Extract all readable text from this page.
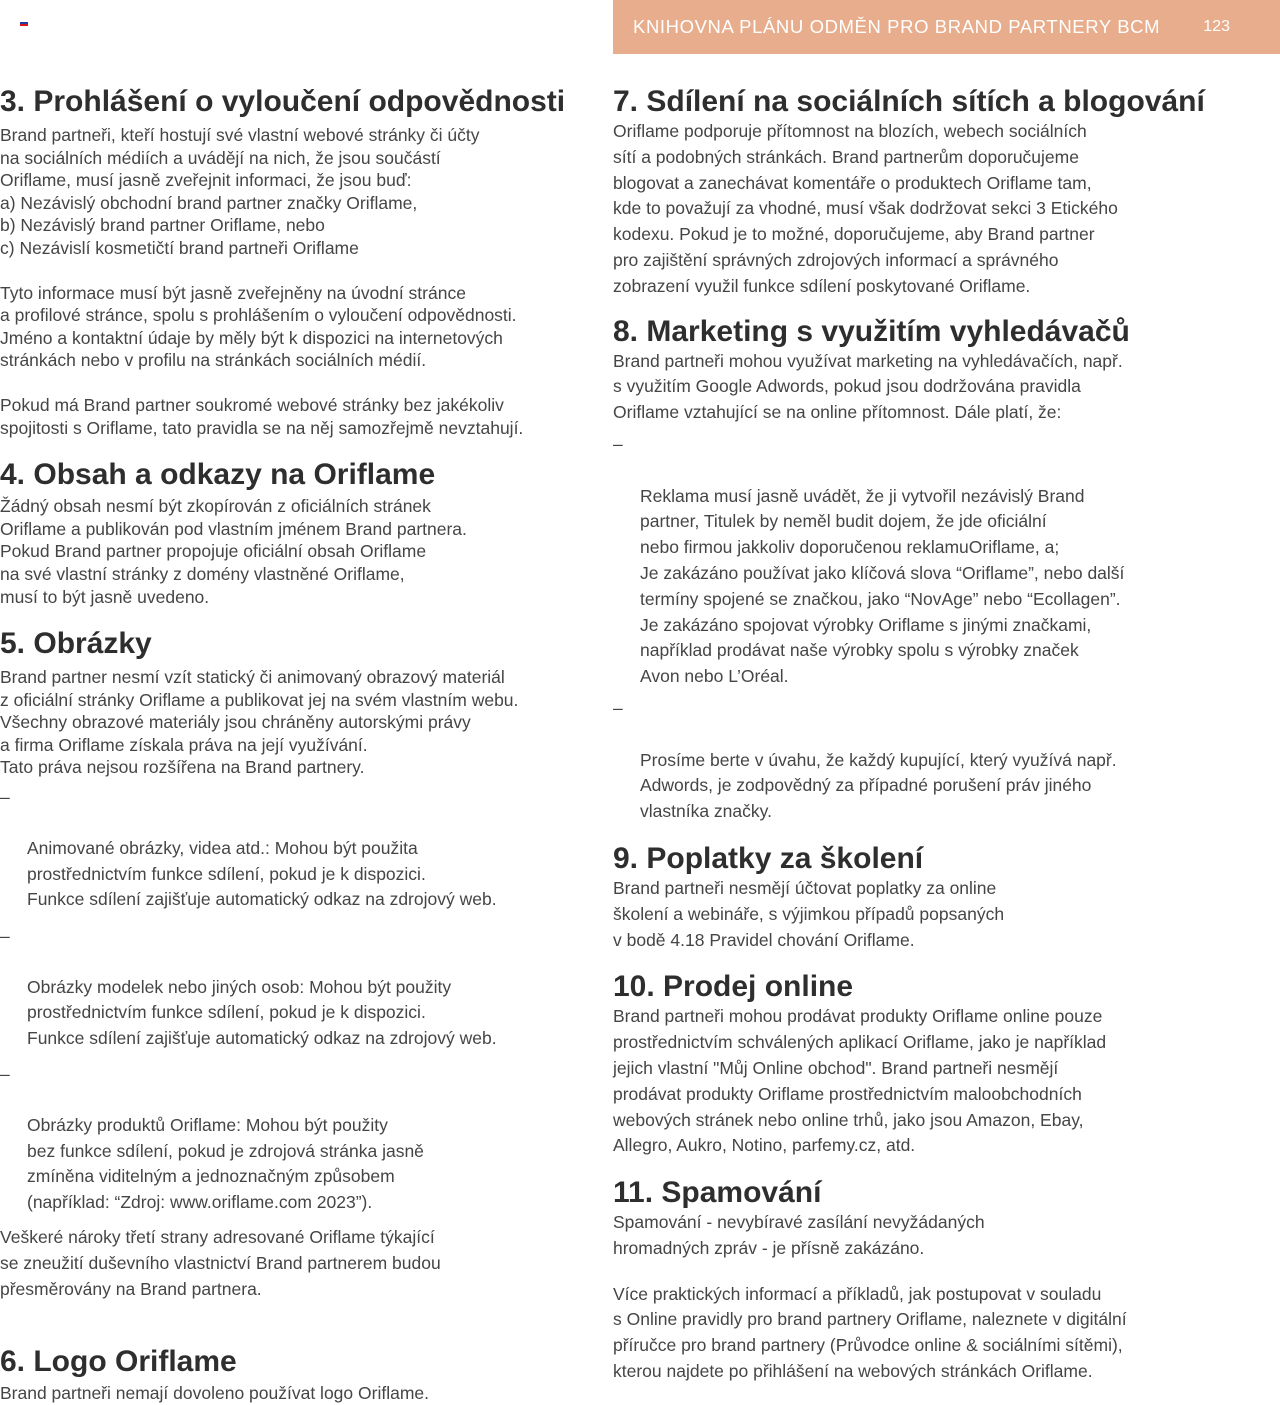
KNIHOVNA PLÁNU ODMĚN PRO BRAND PARTNERY BCM	123
3. Prohlášení o vyloučení odpovědnosti
Brand partneři, kteří hostují své vlastní webové stránky či účty
na sociálních médiích a uvádějí na nich, že jsou součástí
Oriflame, musí jasně zveřejnit informaci, že jsou buď:
a) Nezávislý obchodní brand partner značky Oriflame,
b) Nezávislý brand partner Oriflame, nebo
c) Nezávislí kosmetičtí brand partneři Oriflame
Tyto informace musí být jasně zveřejněny na úvodní stránce
a profilové stránce, spolu s prohlášením o vyloučení odpovědnosti.
Jméno a kontaktní údaje by měly být k dispozici na internetových
stránkách nebo v profilu na stránkách sociálních médií.
Pokud má Brand partner soukromé webové stránky bez jakékoliv
spojitosti s Oriflame, tato pravidla se na něj samozřejmě nevztahují.
4. Obsah a odkazy na Oriflame
Žádný obsah nesmí být zkopírován z oficiálních stránek
Oriflame a publikován pod vlastním jménem Brand partnera.
Pokud Brand partner propojuje oficiální obsah Oriflame
na své vlastní stránky z domény vlastněné Oriflame,
musí to být jasně uvedeno.
5. Obrázky
Brand partner nesmí vzít statický či animovaný obrazový materiál
z oficiální stránky Oriflame a publikovat jej na svém vlastním webu.
Všechny obrazové materiály jsou chráněny autorskými právy
a firma Oriflame získala práva na její využívání.
Tato práva nejsou rozšířena na Brand partnery.

–

Animované obrázky, videa atd.: Mohou být použita
prostřednictvím funkce sdílení, pokud je k dispozici.
Funkce sdílení zajišťuje automatický odkaz na zdrojový web.

–

Obrázky modelek nebo jiných osob: Mohou být použity
prostřednictvím funkce sdílení, pokud je k dispozici.
Funkce sdílení zajišťuje automatický odkaz na zdrojový web.

–

Obrázky produktů Oriflame: Mohou být použity
bez funkce sdílení, pokud je zdrojová stránka jasně
zmíněna viditelným a jednoznačným způsobem
(například: “Zdroj: www.oriflame.com 2023”).

Veškeré nároky třetí strany adresované Oriflame týkající
se zneužití duševního vlastnictví Brand partnerem budou
přesměrovány na Brand partnera.
6. Logo Oriflame
Brand partneři nemají dovoleno používat logo Oriflame.
7. Sdílení na sociálních sítích a blogování
Oriflame podporuje přítomnost na blozích, webech sociálních
sítí a podobných stránkách. Brand partnerům doporučujeme
blogovat a zanechávat komentáře o produktech Oriflame tam,
kde to považují za vhodné, musí však dodržovat sekci 3 Etického
kodexu. Pokud je to možné, doporučujeme, aby Brand partner
pro zajištění správných zdrojových informací a správného
zobrazení využil funkce sdílení poskytované Oriflame.
8. Marketing s využitím vyhledávačů
Brand partneři mohou využívat marketing na vyhledávačích, např.
s využitím Google Adwords, pokud jsou dodržována pravidla
Oriflame vztahující se na online přítomnost. Dále platí, že:

–

Reklama musí jasně uvádět, že ji vytvořil nezávislý Brand
partner, Titulek by neměl budit dojem, že jde oficiální
nebo firmou jakkoliv doporučenou reklamuOriflame, a;
Je zakázáno používat jako klíčová slova “Oriflame”, nebo další
termíny spojené se značkou, jako “NovAge” nebo “Ecollagen”.
Je zakázáno spojovat výrobky Oriflame s jinými značkami,
například prodávat naše výrobky spolu s výrobky značek
Avon nebo L’Oréal.

–

Prosíme berte v úvahu, že každý kupující, který využívá např.
Adwords, je zodpovědný za případné porušení práv jiného
vlastníka značky.

9. Poplatky za školení
Brand partneři nesmějí účtovat poplatky za online
školení a webináře, s výjimkou případů popsaných
v bodě 4.18 Pravidel chování Oriflame.
10. Prodej online
Brand partneři mohou prodávat produkty Oriflame online pouze
prostřednictvím schválených aplikací Oriflame, jako je například
jejich vlastní "Můj Online obchod". Brand partneři nesmějí
prodávat produkty Oriflame prostřednictvím maloobchodních
webových stránek nebo online trhů, jako jsou Amazon, Ebay,
Allegro, Aukro, Notino, parfemy.cz, atd.
11. Spamování
Spamování - nevybíravé zasílání nevyžádaných
hromadných zpráv - je přísně zakázáno.
Více praktických informací a příkladů, jak postupovat v souladu
s Online pravidly pro brand partnery Oriflame, naleznete v digitální
příručce pro brand partnery (Průvodce online & sociálními sítěmi),
kterou najdete po přihlášení na webových stránkách Oriflame.
